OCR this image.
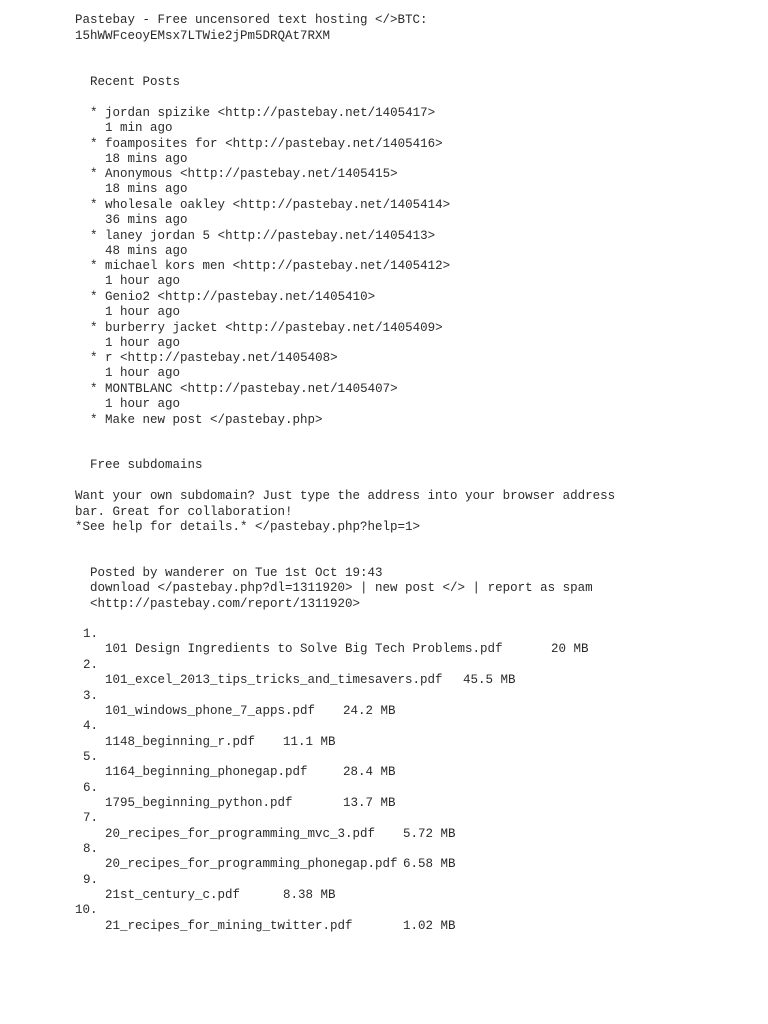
Pastebay - Free uncensored text hosting </>BTC:
15hWWFceoyEMsx7LTWie2jPm5DRQAt7RXM
Recent Posts
* jordan spizike <http://pastebay.net/1405417>
1 min ago
* foamposites for <http://pastebay.net/1405416>
18 mins ago
* Anonymous <http://pastebay.net/1405415>
18 mins ago
* wholesale oakley <http://pastebay.net/1405414>
36 mins ago
* laney jordan 5 <http://pastebay.net/1405413>
48 mins ago
* michael kors men <http://pastebay.net/1405412>
1 hour ago
* Genio2 <http://pastebay.net/1405410>
1 hour ago
* burberry jacket <http://pastebay.net/1405409>
1 hour ago
* r <http://pastebay.net/1405408>
1 hour ago
* MONTBLANC <http://pastebay.net/1405407>
1 hour ago
* Make new post </pastebay.php>
Free subdomains
Want your own subdomain? Just type the address into your browser address
bar. Great for collaboration!
*See help for details.* </pastebay.php?help=1>
Posted by wanderer on Tue 1st Oct 19:43
download </pastebay.php?dl=1311920> | new post </> | report as spam
<http://pastebay.com/report/1311920>
1.
101 Design Ingredients to Solve Big Tech Problems.pdf	20 MB
2.
101_excel_2013_tips_tricks_and_timesavers.pdf 45.5 MB
3.
101_windows_phone_7_apps.pdf 24.2 MB
4.
1148_beginning_r.pdf 11.1 MB
5.
1164_beginning_phonegap.pdf	28.4 MB
6.
1795_beginning_python.pdf	13.7 MB
7.
20_recipes_for_programming_mvc_3.pdf 5.72 MB
8.
20_recipes_for_programming_phonegap.pdf 6.58 MB
9.
21st_century_c.pdf	8.38 MB
10.
21_recipes_for_mining_twitter.pdf	1.02 MB
